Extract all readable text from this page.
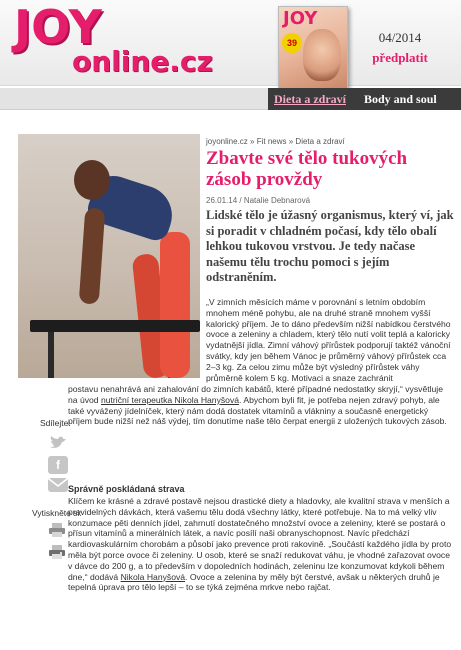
JOY
online.cz
JOY
39	04/2014
předplatit
Dieta a zdraví Body and soul
joyonline.cz » Fit news » Dieta a zdraví
Zbavte své tělo tukových zásob provždy
26.01.14 / Natalie Debnarová

Lidské tělo je úžasný organismus, který ví, jak si poradit v chladném počasí, kdy tělo obalí lehkou tukovou vrstvou. Je tedy načase našemu tělu trochu pomoci s jejím odstraněním.

„V zimních měsících máme v porovnání s letním obdobím mnohem méně pohybu, ale na druhé straně mnohem vyšší kalorický příjem. Je to dáno především nižší nabídkou čerstvého ovoce a zeleniny a chladem, který tělo nutí volit teplá a kaloricky vydatnější jídla. Zimní váhový přírůstek podporují taktéž vánoční svátky, kdy jen během Vánoc je průměrný váhový přírůstek cca 2–3 kg. Za celou zimu může být výsledný přírůstek váhy průměrně kolem 5 kg. Motivaci a snaze zachránit

postavu nenahrává ani zahalování do zimních kabátů, které případné nedostatky skryjí,“ vysvětluje na úvod nutriční terapeutka Nikola Hanyšová. Abychom byli fit, je potřeba nejen zdravý pohyb, ale také vyvážený jídelníček, který nám dodá dostatek vitamínů a vlákniny a současně energetický příjem bude nižší než náš výdej, tím donutíme naše tělo čerpat energii z uložených tukových zásob.

Správně poskládaná strava

Klíčem ke krásné a zdravé postavě nejsou drastické diety a hladovky, ale kvalitní strava v menších a pravidelných dávkách, která vašemu tělu dodá všechny látky, které potřebuje. Na to má velký vliv konzumace pěti denních jídel, zahrnutí dostatečného množství ovoce a zeleniny, které se postará o přísun vitamínů a minerálních látek, a navíc posílí naši obranyschopnost. Navíc předchází kardiovaskulárním chorobám a působí jako prevence proti rakovině. „Součástí každého jídla by proto měla být porce ovoce či zeleniny. U osob, které se snaží redukovat váhu, je vhodné zařazovat ovoce v dávce do 200 g, a to především v dopoledních hodinách, zeleninu lze konzumovat kdykoli během dne,“ dodává Nikola Hanyšová. Ovoce a zelenina by měly být čerstvé, avšak u některých druhů je tepelná úprava pro tělo lepší – to se týká zejména mrkve nebo rajčat.

Sdílejte:
f
Vytiskněte si:
